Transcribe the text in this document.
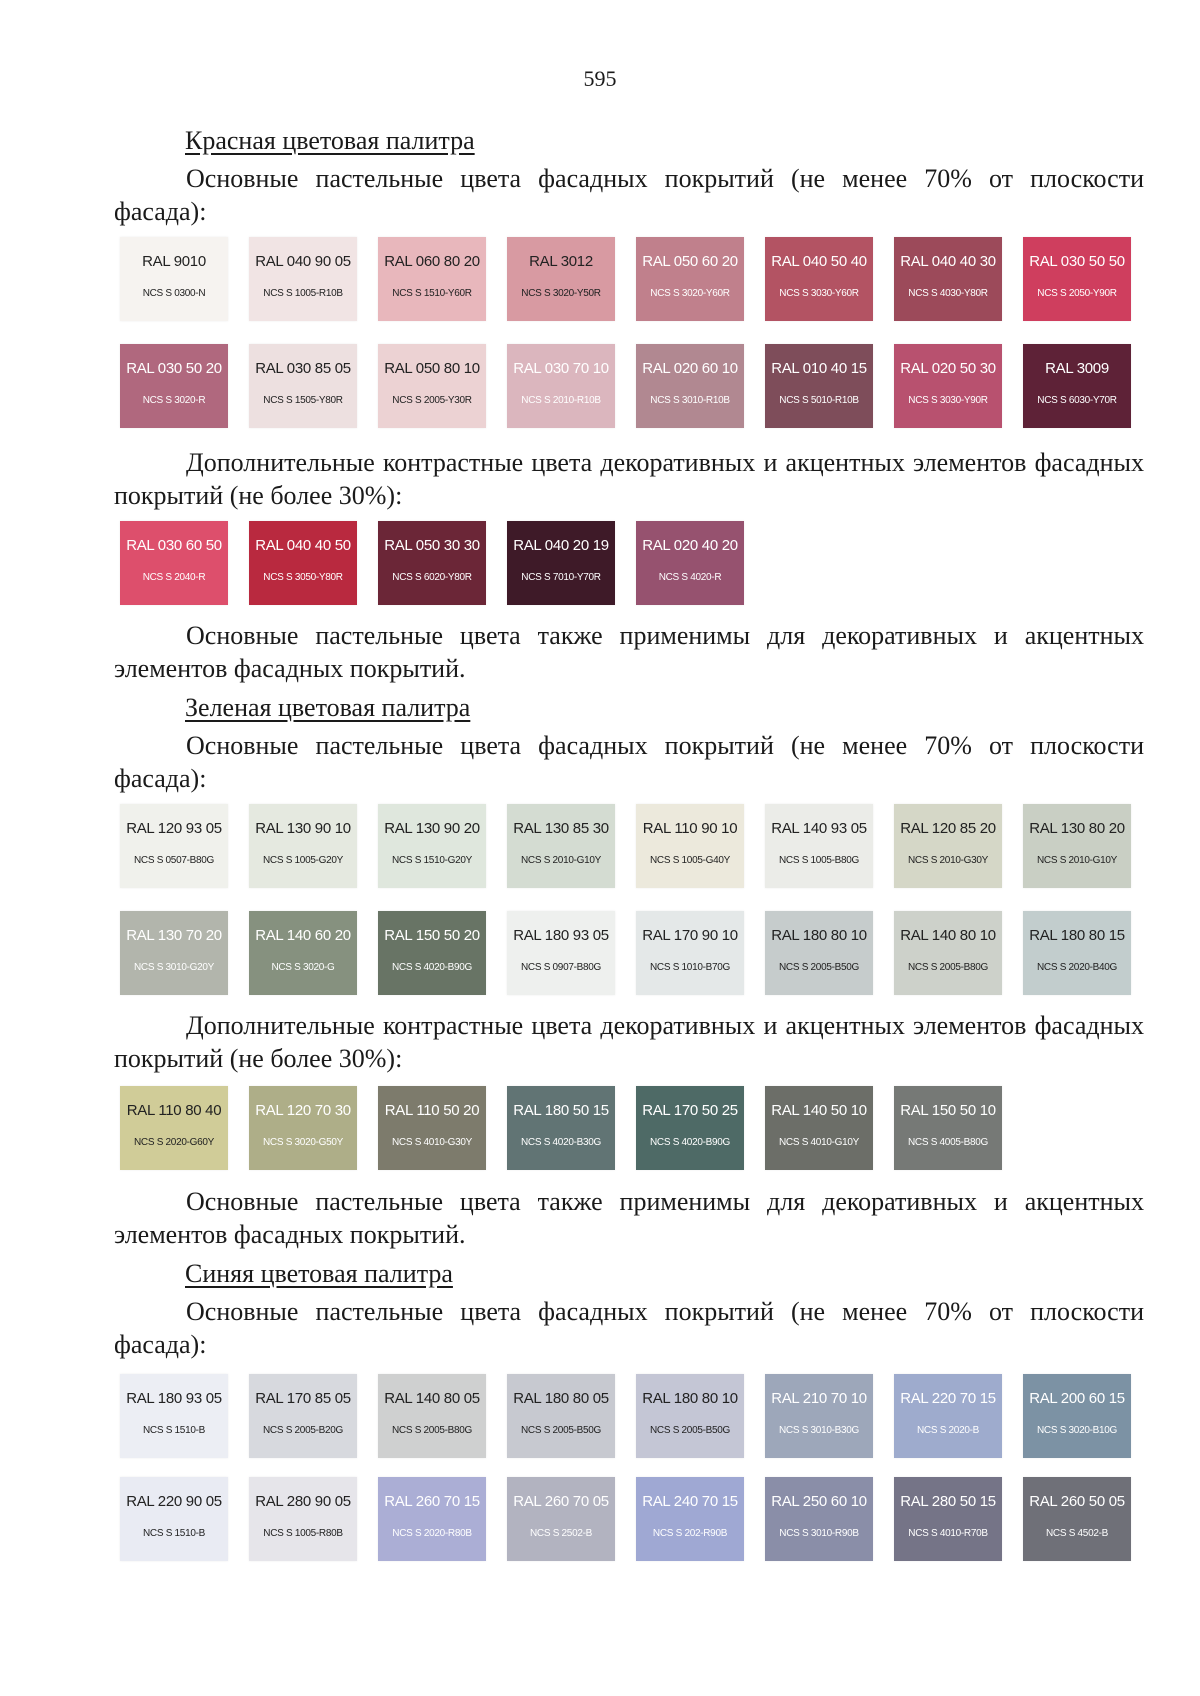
595
Красная цветовая палитра

Основные пастельные цвета фасадных покрытий (не менее 70% от плоскости фасада):

RAL 9010
NCS S 0300-N
RAL 040 90 05
NCS S 1005-R10B
RAL 060 80 20
NCS S 1510-Y60R
RAL 3012
NCS S 3020-Y50R
RAL 050 60 20
NCS S 3020-Y60R
RAL 040 50 40
NCS S 3030-Y60R
RAL 040 40 30
NCS S 4030-Y80R
RAL 030 50 50
NCS S 2050-Y90R
RAL 030 50 20
NCS S 3020-R
RAL 030 85 05
NCS S 1505-Y80R
RAL 050 80 10
NCS S 2005-Y30R
RAL 030 70 10
NCS S 2010-R10B
RAL 020 60 10
NCS S 3010-R10B
RAL 010 40 15
NCS S 5010-R10B
RAL 020 50 30
NCS S 3030-Y90R
RAL 3009
NCS S 6030-Y70R

Дополнительные контрастные цвета декоративных и акцентных элементов фасадных покрытий (не более 30%):

RAL 030 60 50
NCS S 2040-R
RAL 040 40 50
NCS S 3050-Y80R
RAL 050 30 30
NCS S 6020-Y80R
RAL 040 20 19
NCS S 7010-Y70R
RAL 020 40 20
NCS S 4020-R

Основные пастельные цвета также применимы для декоративных и акцентных элементов фасадных покрытий.

Зеленая цветовая палитра

Основные пастельные цвета фасадных покрытий (не менее 70% от плоскости фасада):

RAL 120 93 05
NCS S 0507-B80G
RAL 130 90 10
NCS S 1005-G20Y
RAL 130 90 20
NCS S 1510-G20Y
RAL 130 85 30
NCS S 2010-G10Y
RAL 110 90 10
NCS S 1005-G40Y
RAL 140 93 05
NCS S 1005-B80G
RAL 120 85 20
NCS S 2010-G30Y
RAL 130 80 20
NCS S 2010-G10Y
RAL 130 70 20
NCS S 3010-G20Y
RAL 140 60 20
NCS S 3020-G
RAL 150 50 20
NCS S 4020-B90G
RAL 180 93 05
NCS S 0907-B80G
RAL 170 90 10
NCS S 1010-B70G
RAL 180 80 10
NCS S 2005-B50G
RAL 140 80 10
NCS S 2005-B80G
RAL 180 80 15
NCS S 2020-B40G

Дополнительные контрастные цвета декоративных и акцентных элементов фасадных покрытий (не более 30%):

RAL 110 80 40
NCS S 2020-G60Y
RAL 120 70 30
NCS S 3020-G50Y
RAL 110 50 20
NCS S 4010-G30Y
RAL 180 50 15
NCS S 4020-B30G
RAL 170 50 25
NCS S 4020-B90G
RAL 140 50 10
NCS S 4010-G10Y
RAL 150 50 10
NCS S 4005-B80G

Основные пастельные цвета также применимы для декоративных и акцентных элементов фасадных покрытий.

Синяя цветовая палитра

Основные пастельные цвета фасадных покрытий (не менее 70% от плоскости фасада):

RAL 180 93 05
NCS S 1510-B
RAL 170 85 05
NCS S 2005-B20G
RAL 140 80 05
NCS S 2005-B80G
RAL 180 80 05
NCS S 2005-B50G
RAL 180 80 10
NCS S 2005-B50G
RAL 210 70 10
NCS S 3010-B30G
RAL 220 70 15
NCS S 2020-B
RAL 200 60 15
NCS S 3020-B10G
RAL 220 90 05
NCS S 1510-B
RAL 280 90 05
NCS S 1005-R80B
RAL 260 70 15
NCS S 2020-R80B
RAL 260 70 05
NCS S 2502-B
RAL 240 70 15
NCS S 202-R90B
RAL 250 60 10
NCS S 3010-R90B
RAL 280 50 15
NCS S 4010-R70B
RAL 260 50 05
NCS S 4502-B
